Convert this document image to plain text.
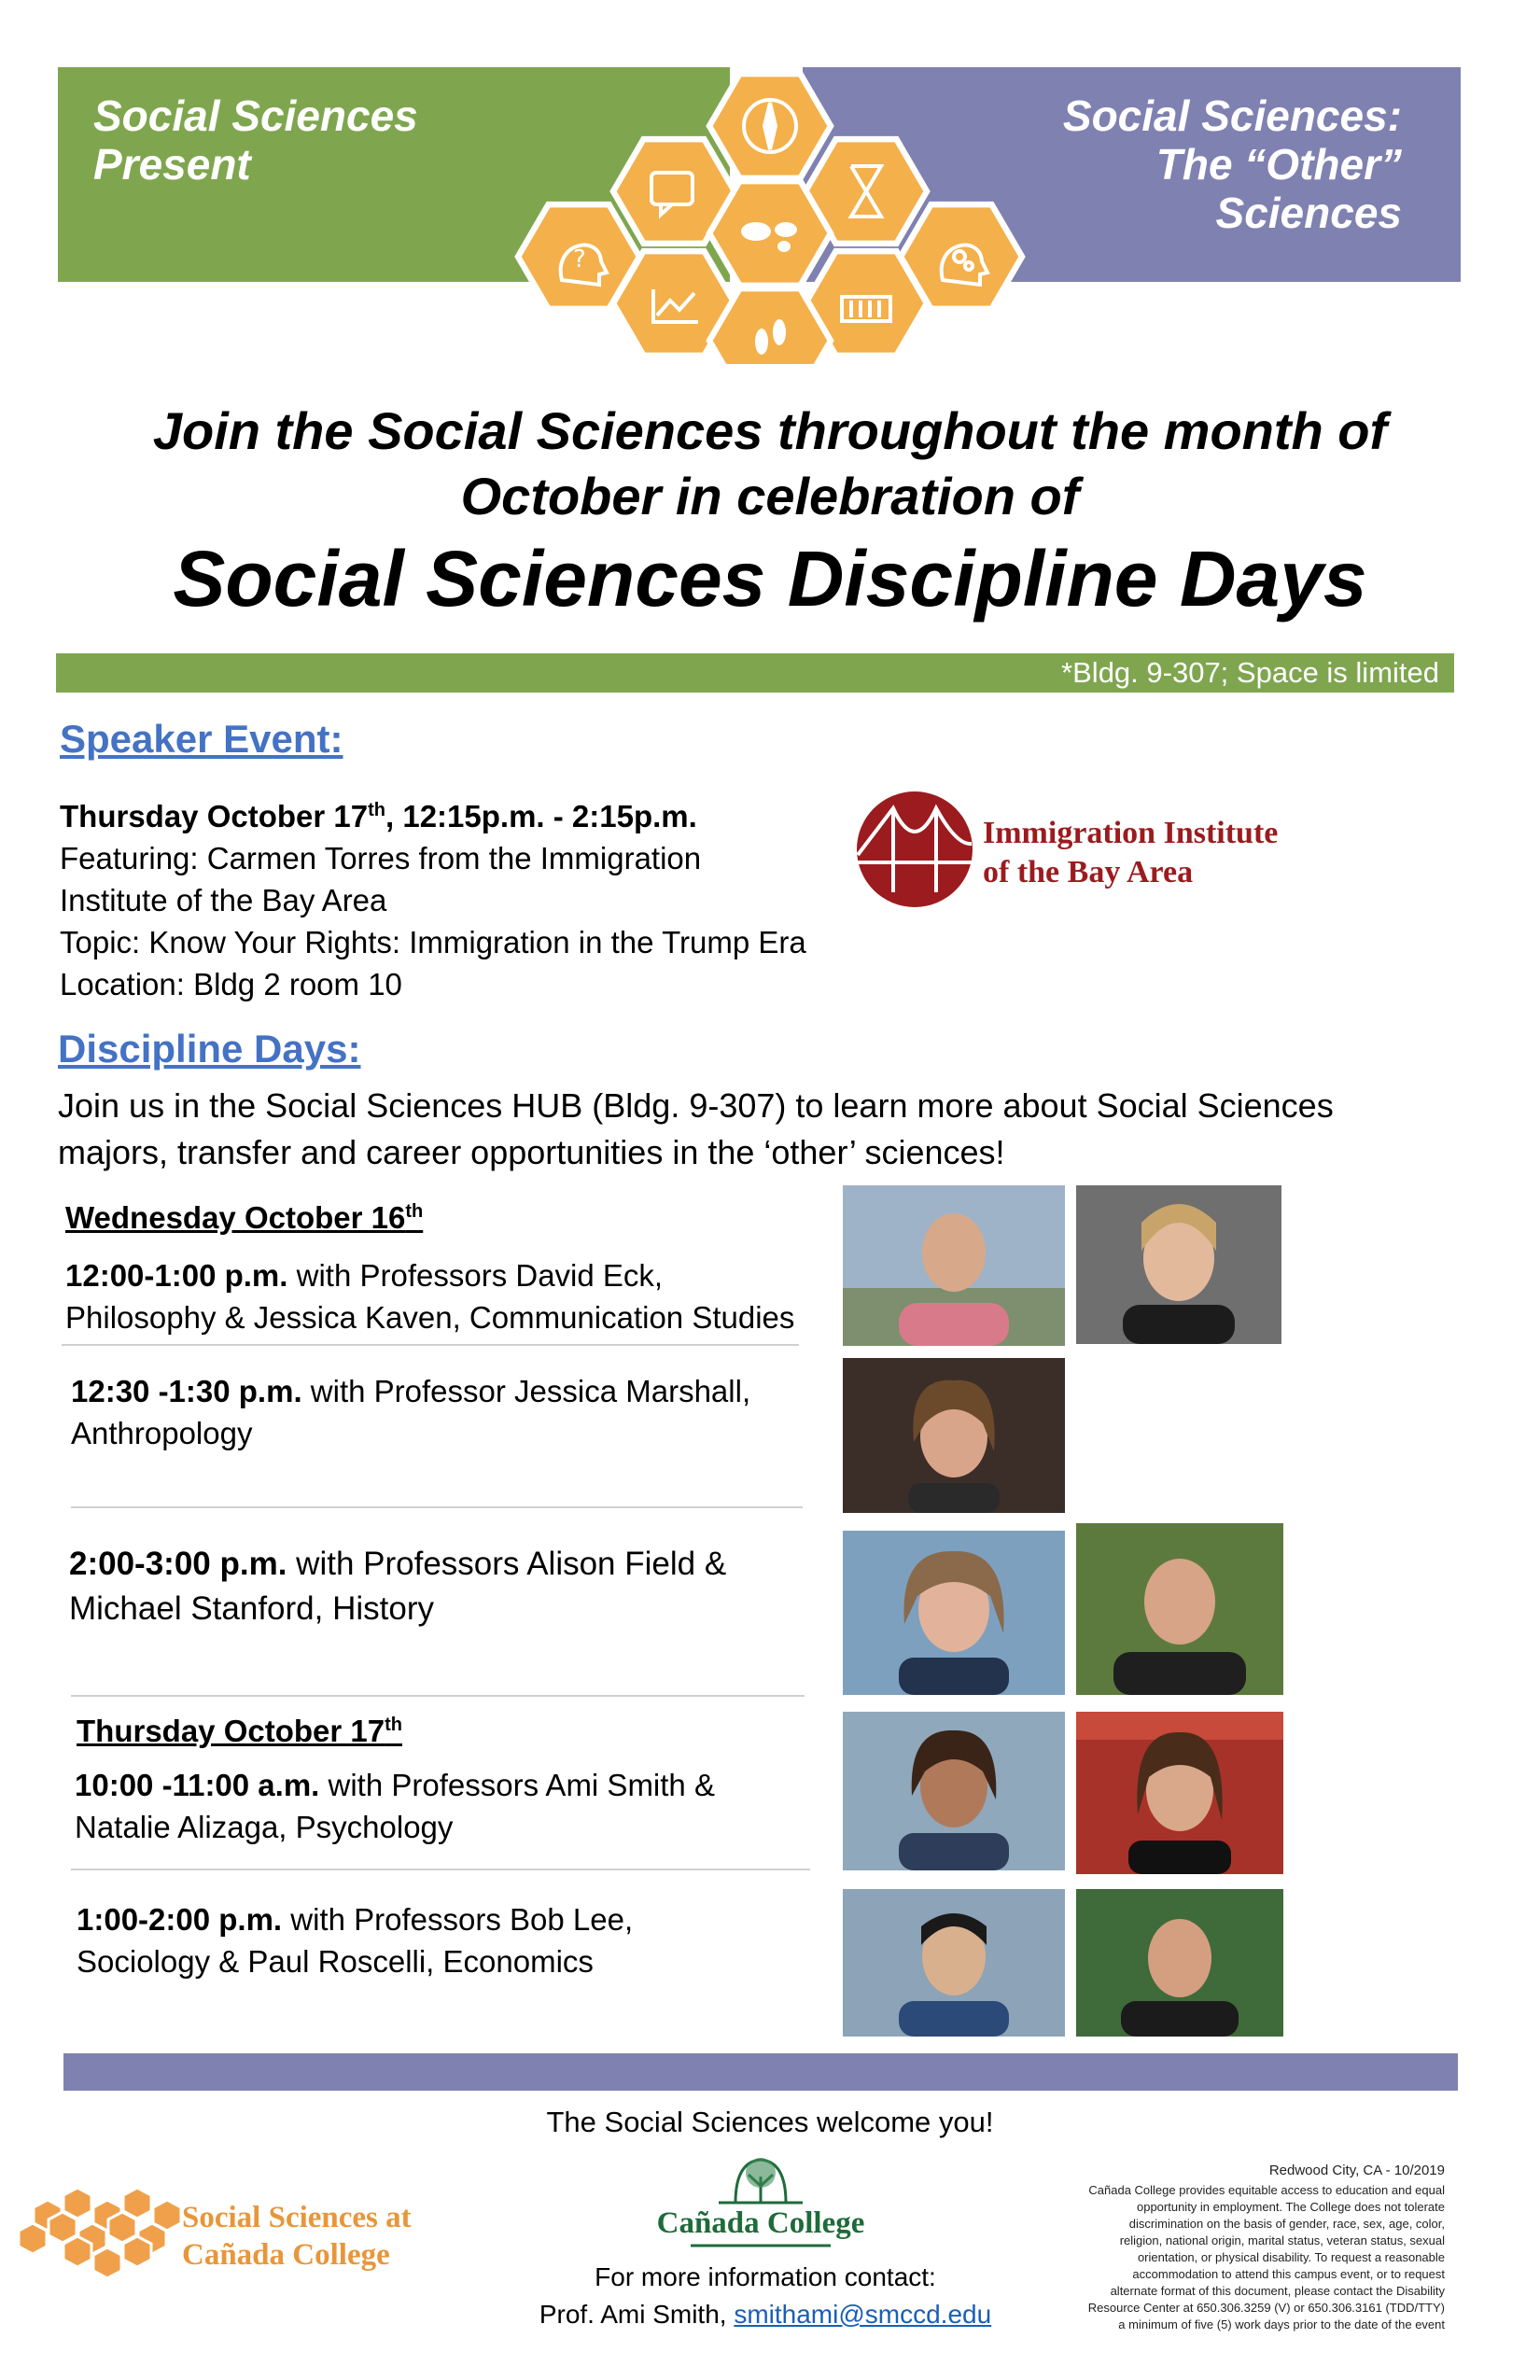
Social Sciences
Present
Social Sciences:
The “Other”
Sciences
?
Join the Social Sciences throughout the month of
October in celebration of
Social Sciences Discipline Days
*Bldg. 9-307; Space is limited
Speaker Event:
Thursday October 17th, 12:15p.m. - 2:15p.m.
Featuring: Carmen Torres from the Immigration
Institute of the Bay Area
Topic: Know Your Rights: Immigration in the Trump Era
Location: Bldg 2 room 10
Immigration Institute
of the Bay Area
Discipline Days:
Join us in the Social Sciences HUB (Bldg. 9-307) to learn more about Social Sciences
majors, transfer and career opportunities in the ‘other’ sciences!
Wednesday October 16th
12:00-1:00 p.m. with Professors David Eck,
Philosophy & Jessica Kaven, Communication Studies
12:30 -1:30 p.m. with Professor Jessica Marshall,
Anthropology
2:00-3:00 p.m. with Professors Alison Field &
Michael Stanford, History
Thursday October 17th
10:00 -11:00 a.m. with Professors Ami Smith &
Natalie Alizaga, Psychology
1:00-2:00 p.m. with Professors Bob Lee,
Sociology & Paul Roscelli, Economics
The Social Sciences welcome you!
Social Sciences at
Cañada College
Cañada College
For more information contact:
Prof. Ami Smith, smithami@smccd.edu
Redwood City, CA - 10/2019
Cañada College provides equitable access to education and equal
opportunity in employment. The College does not tolerate
discrimination on the basis of gender, race, sex, age, color,
religion, national origin, marital status, veteran status, sexual
orientation, or physical disability. To request a reasonable
accommodation to attend this campus event, or to request
alternate format of this document, please contact the Disability
Resource Center at 650.306.3259 (V) or 650.306.3161 (TDD/TTY)
a minimum of five (5) work days prior to the date of the event
